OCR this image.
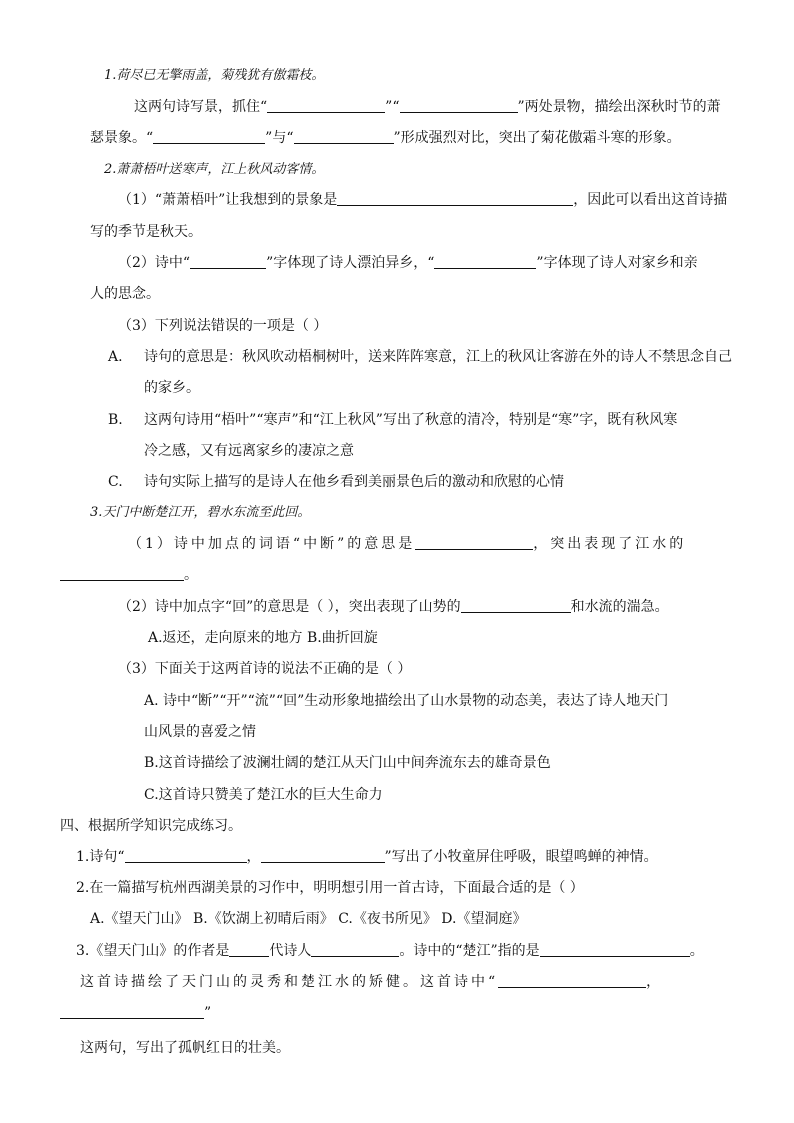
1.荷尽已无擎雨盖，菊残犹有傲霜枝。
这两句诗写景，抓住“	”“	”两处景物，描绘出深秋时节的萧
瑟景象。“	”与“	”形成强烈对比，突出了菊花傲霜斗寒的形象。
2.萧萧梧叶送寒声，江上秋风动客情。
（1）“萧萧梧叶”让我想到的景象是	，因此可以看出这首诗描
写的季节是秋天。
（2）诗中“	”字体现了诗人漂泊异乡，“	”字体现了诗人对家乡和亲
人的思念。
（3）下列说法错误的一项是（ ）
A. 诗句的意思是：秋风吹动梧桐树叶，送来阵阵寒意，江上的秋风让客游在外的诗人不禁思念自己
的家乡。
B. 这两句诗用“梧叶”“寒声”和“江上秋风”写出了秋意的清冷，特别是“寒”字，既有秋风寒
冷之感，又有远离家乡的凄凉之意
C. 诗句实际上描写的是诗人在他乡看到美丽景色后的激动和欣慰的心情
3.天门中断楚江开，碧水东流至此回。
（1）诗中加点的词语“中断”的意思是	，突出表现了江水的
。
（2）诗中加点字“回”的意思是（ ），突出表现了山势的	和水流的湍急。
A.返还，走向原来的地方 B.曲折回旋
（3）下面关于这两首诗的说法不正确的是（ ）
A. 诗中“断”“开”“流”“回”生动形象地描绘出了山水景物的动态美，表达了诗人地天门
山风景的喜爱之情
B.这首诗描绘了波澜壮阔的楚江从天门山中间奔流东去的雄奇景色
C.这首诗只赞美了楚江水的巨大生命力
四、根据所学知识完成练习。
1.诗句“	，	”写出了小牧童屏住呼吸，眼望鸣蝉的神情。
2.在一篇描写杭州西湖美景的习作中，明明想引用一首古诗，下面最合适的是（ ）
A.《望天门山》 B.《饮湖上初晴后雨》 C.《夜书所见》 D.《望洞庭》
3.《望天门山》的作者是	代诗人	。诗中的“楚江”指的是	。
这首诗描绘了天门山的灵秀和楚江水的矫健。这首诗中“	，
”
这两句，写出了孤帆红日的壮美。
